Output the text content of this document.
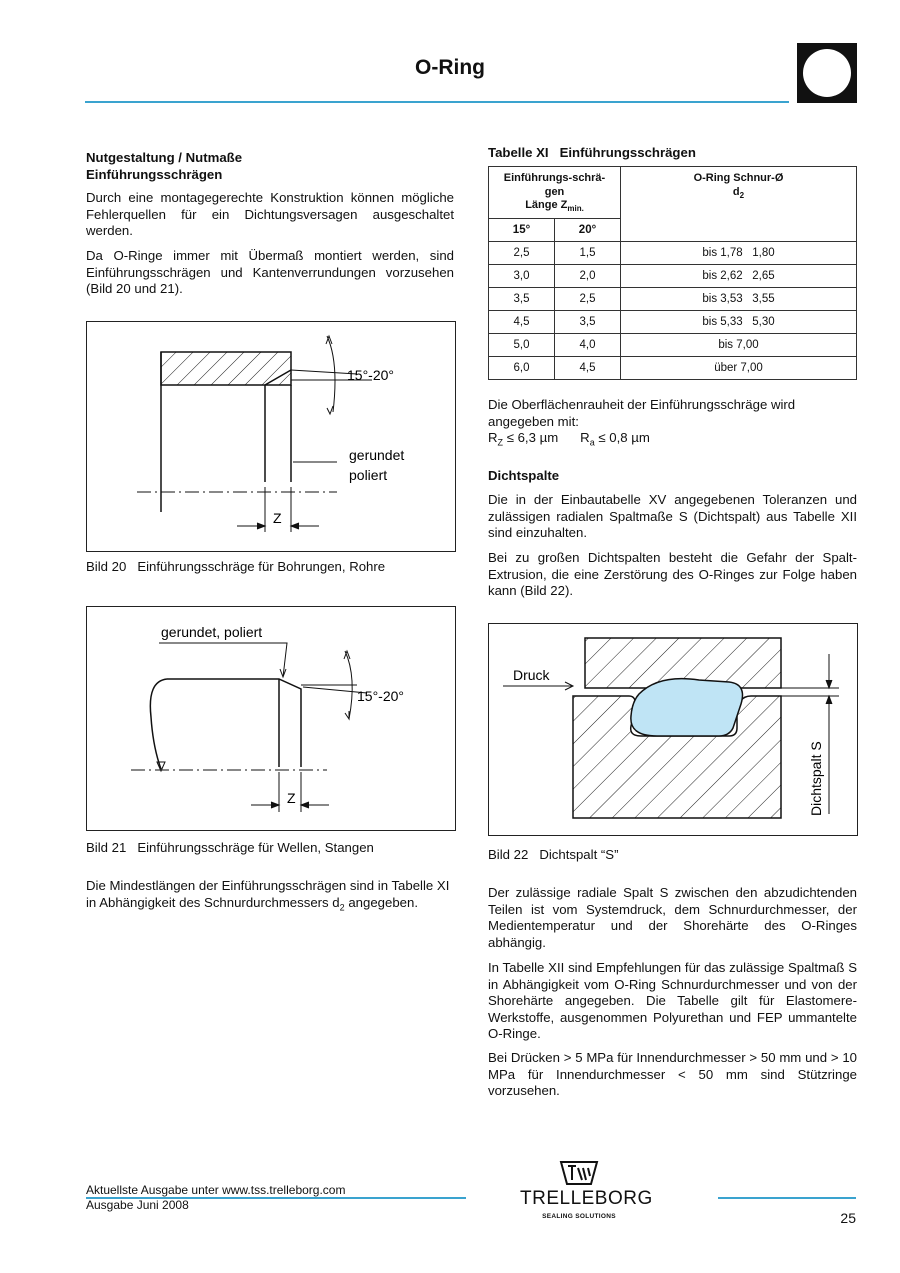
O-Ring
Nutgestaltung / Nutmaße
Einführungsschrägen

Durch eine montagegerechte Konstruktion können mögliche Fehlerquellen für ein Dichtungsversagen ausgeschaltet werden.

Da O-Ringe immer mit Übermaß montiert werden, sind Einführungsschrägen und Kantenverrundungen vorzusehen (Bild 20 und 21).

15°-20°
gerundet
poliert
Z
Bild 20 Einführungsschräge für Bohrungen, Rohre
gerundet, poliert
15°-20°
Z
Bild 21 Einführungsschräge für Wellen, Stangen

Die Mindestlängen der Einführungsschrägen sind in Tabelle XI in Abhängigkeit des Schnurdurchmessers $d_2$ angegeben.

Tabelle XI Einführungsschrägen
Einführungs-schrä-
gen
Länge $Z_{min.}$		O-Ring Schnur-Ø
$d_2$
15°	20°	
2,5	1,5	bis 1,78   1,80
3,0	2,0	bis 2,62   2,65
3,5	2,5	bis 3,53   3,55
4,5	3,5	bis 5,33   5,30
5,0	4,0	bis 7,00
6,0	4,5	über 7,00

Die Oberflächenrauheit der Einführungsschräge wird angegeben mit:

$R_Z \le 6,3$ µm $R_a \le 0,8$ µm
Dichtspalte

Die in der Einbautabelle XV angegebenen Toleranzen und zulässigen radialen Spaltmaße S (Dichtspalt) aus Tabelle XII sind einzuhalten.

Bei zu großen Dichtspalten besteht die Gefahr der Spalt-Extrusion, die eine Zerstörung des O-Ringes zur Folge haben kann (Bild 22).

Druck
Dichtspalt S
Bild 22 Dichtspalt “S”

Der zulässige radiale Spalt S zwischen den abzudichtenden Teilen ist vom Systemdruck, dem Schnurdurchmesser, der Medientemperatur und der Shorehärte des O-Ringes abhängig.

In Tabelle XII sind Empfehlungen für das zulässige Spaltmaß S in Abhängigkeit vom O-Ring Schnurdurchmesser und von der Shorehärte angegeben. Die Tabelle gilt für Elastomere-Werkstoffe, ausgenommen Polyurethan und FEP ummantelte O-Ringe.

Bei Drücken > 5 MPa für Innendurchmesser > 50 mm und > 10 MPa für Innendurchmesser < 50 mm sind Stützringe vorzusehen.

Aktuellste Ausgabe unter www.tss.trelleborg.com
Ausgabe Juni 2008	TRELLEBORG
SEALING SOLUTIONS	25
